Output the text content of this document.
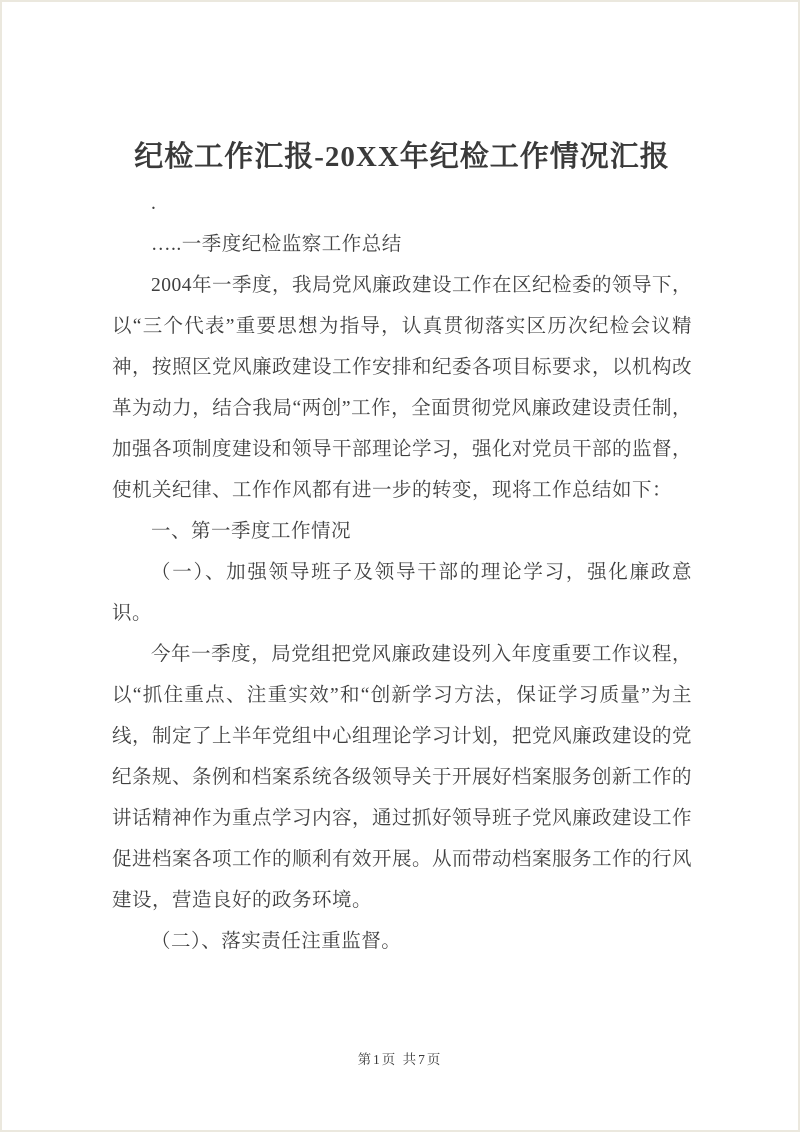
纪检工作汇报-20XX年纪检工作情况汇报

.

…..一季度纪检监察工作总结

2004年一季度，我局党风廉政建设工作在区纪检委的领导下，以“三个代表”重要思想为指导，认真贯彻落实区历次纪检会议精神，按照区党风廉政建设工作安排和纪委各项目标要求，以机构改革为动力，结合我局“两创”工作，全面贯彻党风廉政建设责任制，加强各项制度建设和领导干部理论学习，强化对党员干部的监督，使机关纪律、工作作风都有进一步的转变，现将工作总结如下：

一、第一季度工作情况

（一）、加强领导班子及领导干部的理论学习，强化廉政意识。

今年一季度，局党组把党风廉政建设列入年度重要工作议程，以“抓住重点、注重实效”和“创新学习方法，保证学习质量”为主线，制定了上半年党组中心组理论学习计划，把党风廉政建设的党纪条规、条例和档案系统各级领导关于开展好档案服务创新工作的讲话精神作为重点学习内容，通过抓好领导班子党风廉政建设工作促进档案各项工作的顺利有效开展。从而带动档案服务工作的行风建设，营造良好的政务环境。

（二）、落实责任注重监督。

第1页 共7页
